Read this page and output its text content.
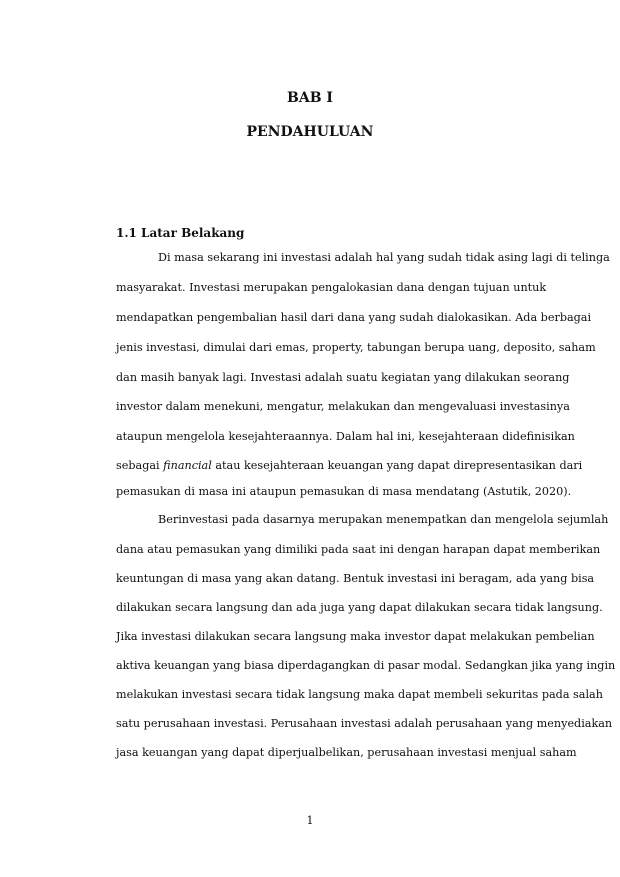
BAB I
PENDAHULUAN
1.1 Latar Belakang
Di masa sekarang ini investasi adalah hal yang sudah tidak asing lagi di telinga
masyarakat. Investasi merupakan pengalokasian dana dengan tujuan untuk
mendapatkan pengembalian hasil dari dana yang sudah dialokasikan. Ada berbagai
jenis investasi, dimulai dari emas, property, tabungan berupa uang, deposito, saham
dan masih banyak lagi. Investasi adalah suatu kegiatan yang dilakukan seorang
investor dalam menekuni, mengatur, melakukan dan mengevaluasi investasinya
ataupun mengelola kesejahteraannya. Dalam hal ini, kesejahteraan didefinisikan
sebagai financial atau kesejahteraan keuangan yang dapat direpresentasikan dari
pemasukan di masa ini ataupun pemasukan di masa mendatang (Astutik, 2020).
Berinvestasi pada dasarnya merupakan menempatkan dan mengelola sejumlah
dana atau pemasukan yang dimiliki pada saat ini dengan harapan dapat memberikan
keuntungan di masa yang akan datang. Bentuk investasi ini beragam, ada yang bisa
dilakukan secara langsung dan ada juga yang dapat dilakukan secara tidak langsung.
Jika investasi dilakukan secara langsung maka investor dapat melakukan pembelian
aktiva keuangan yang biasa diperdagangkan di pasar modal. Sedangkan jika yang ingin
melakukan investasi secara tidak langsung maka dapat membeli sekuritas pada salah
satu perusahaan investasi. Perusahaan investasi adalah perusahaan yang menyediakan
jasa keuangan yang dapat diperjualbelikan, perusahaan investasi menjual saham
1
